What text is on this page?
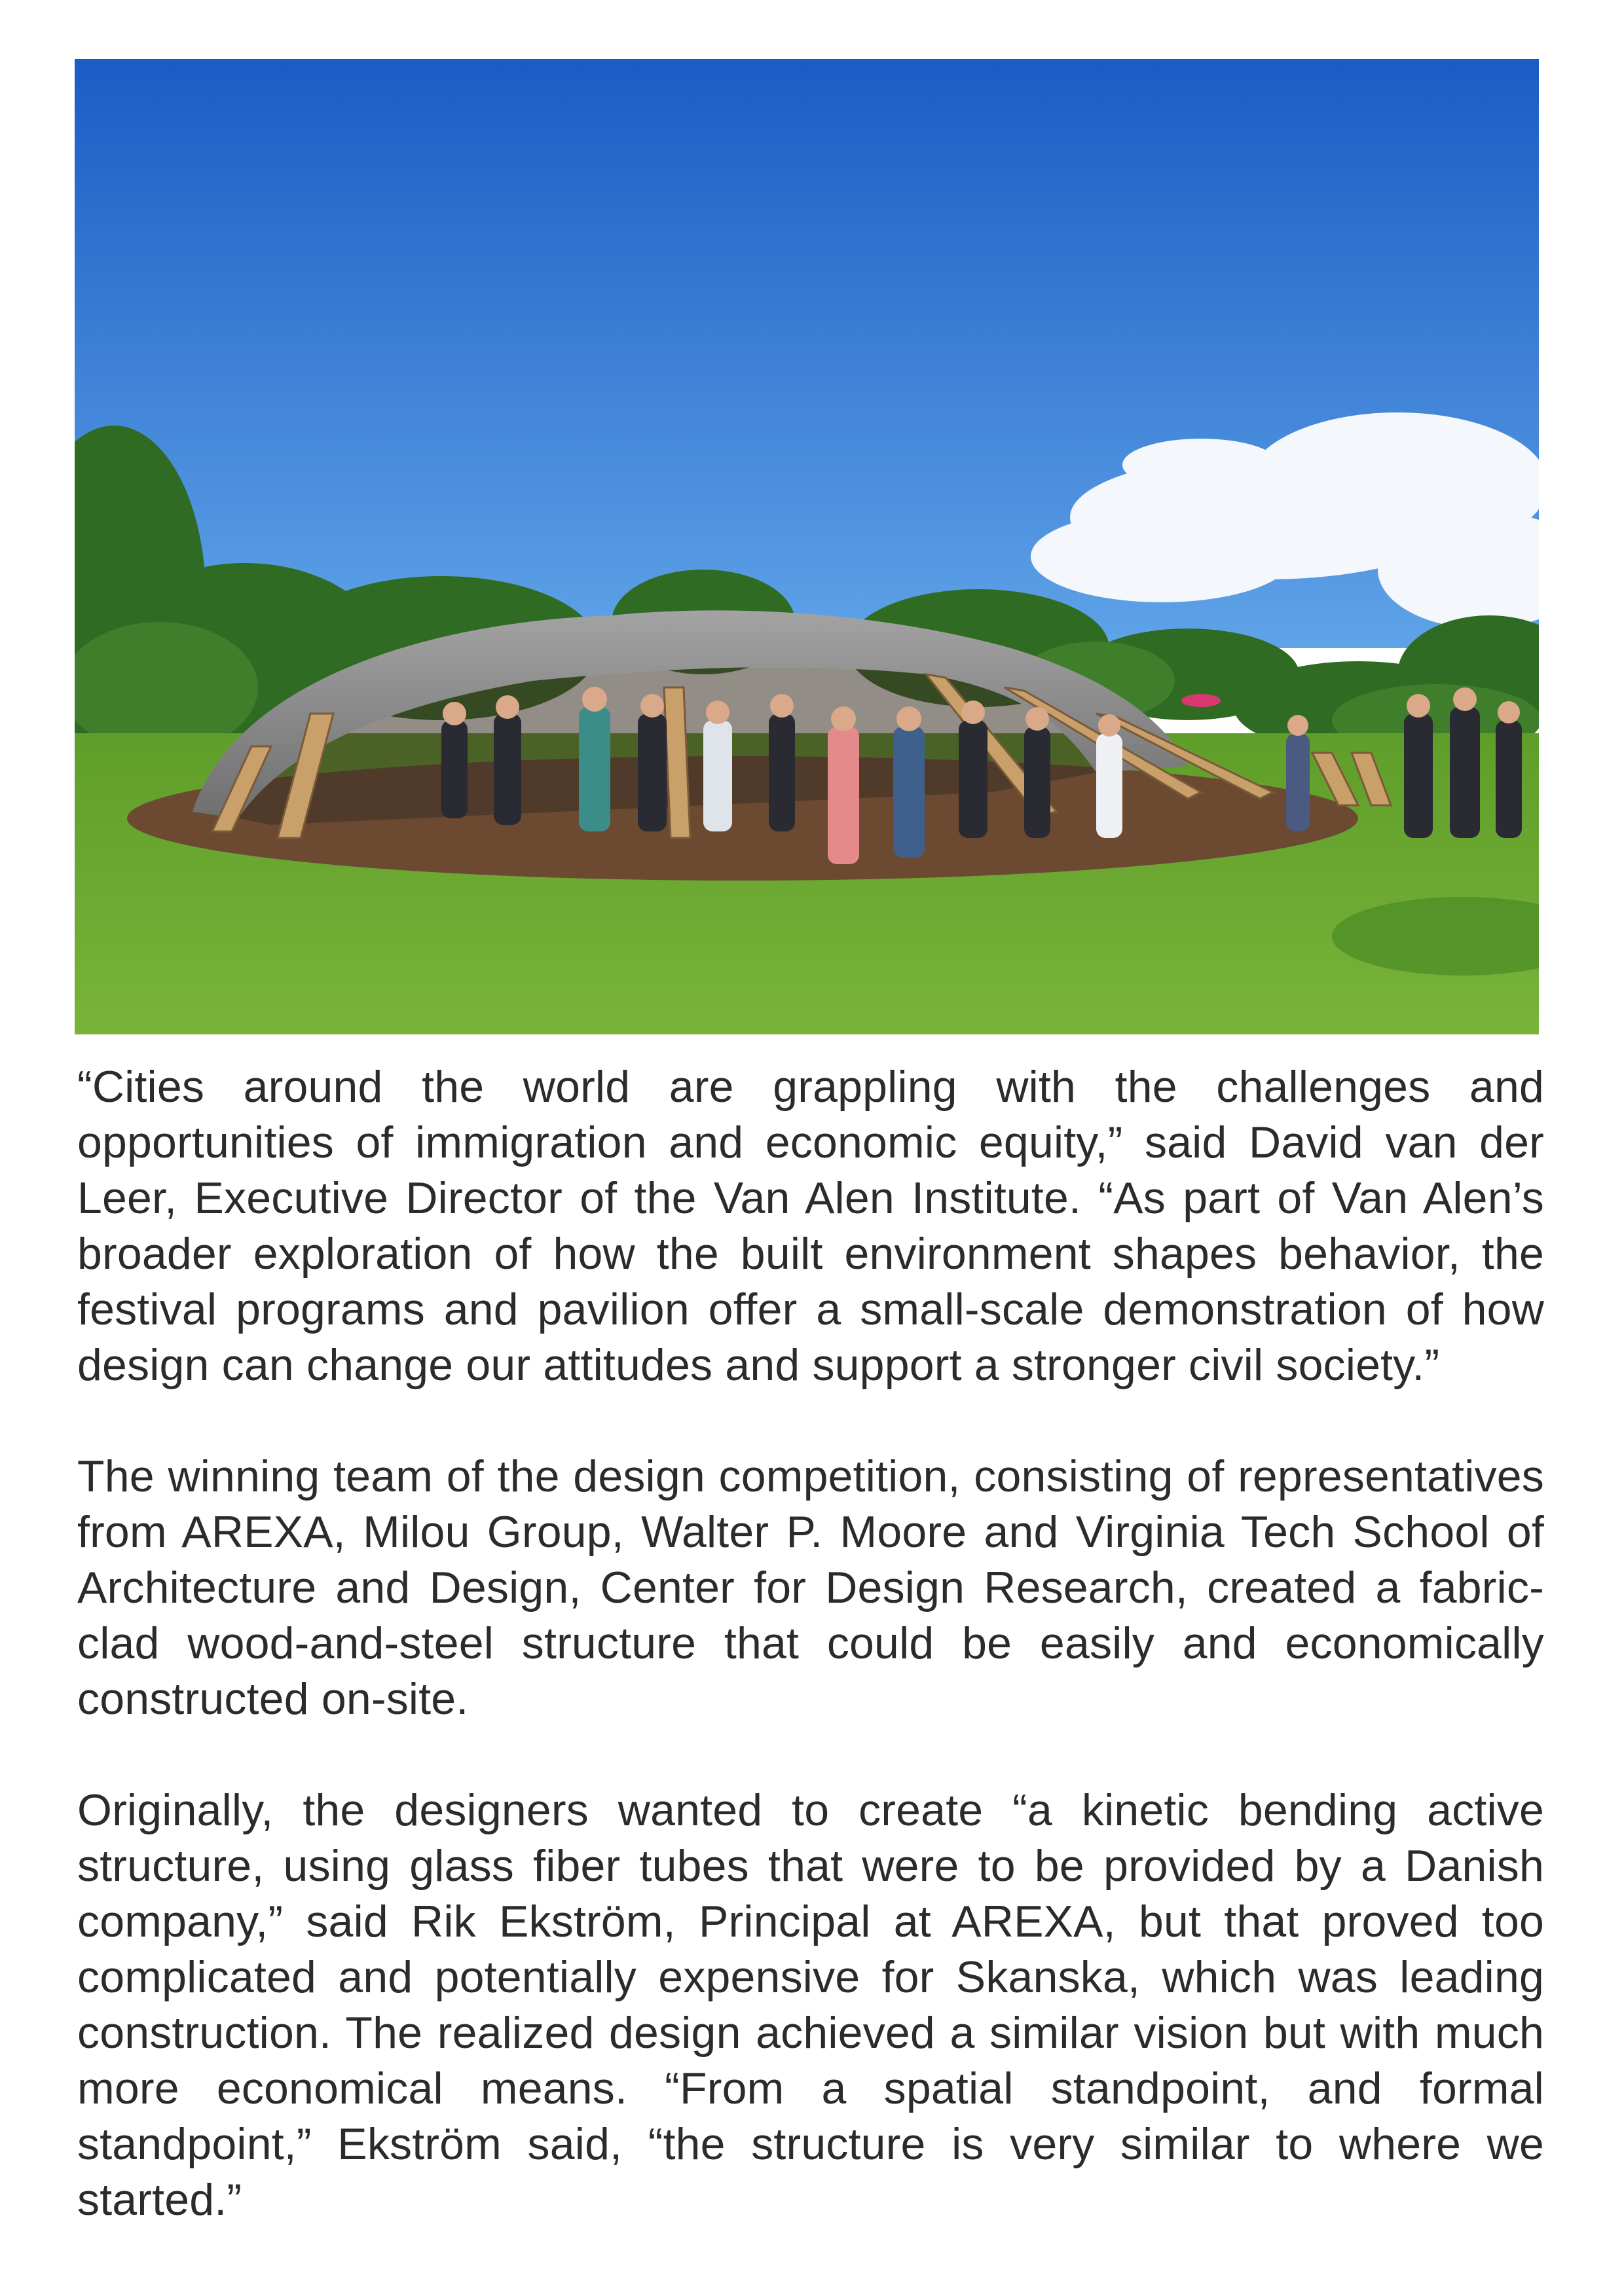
“Cities around the world are grappling with the challenges and opportunities of immigration and economic equity,” said David van der Leer, Executive Director of the Van Alen Institute. “As part of Van Alen’s broader exploration of how the built environment shapes behavior, the festival programs and pavilion offer a small-scale demonstration of how design can change our attitudes and support a stronger civil society.”

The winning team of the design competition, consisting of representatives from AREXA, Milou Group, Walter P. Moore and Virginia Tech School of Architecture and Design, Center for Design Research, created a fabric-clad wood-and-steel structure that could be easily and economically constructed on-site.

Originally, the designers wanted to create “a kinetic bending active structure, using glass fiber tubes that were to be provided by a Danish company,” said Rik Ekström, Principal at AREXA, but that proved too complicated and potentially expensive for Skanska, which was leading construction. The realized design achieved a similar vision but with much more economical means. “From a spatial standpoint, and formal standpoint,” Ekström said, “the structure is very similar to where we started.”
